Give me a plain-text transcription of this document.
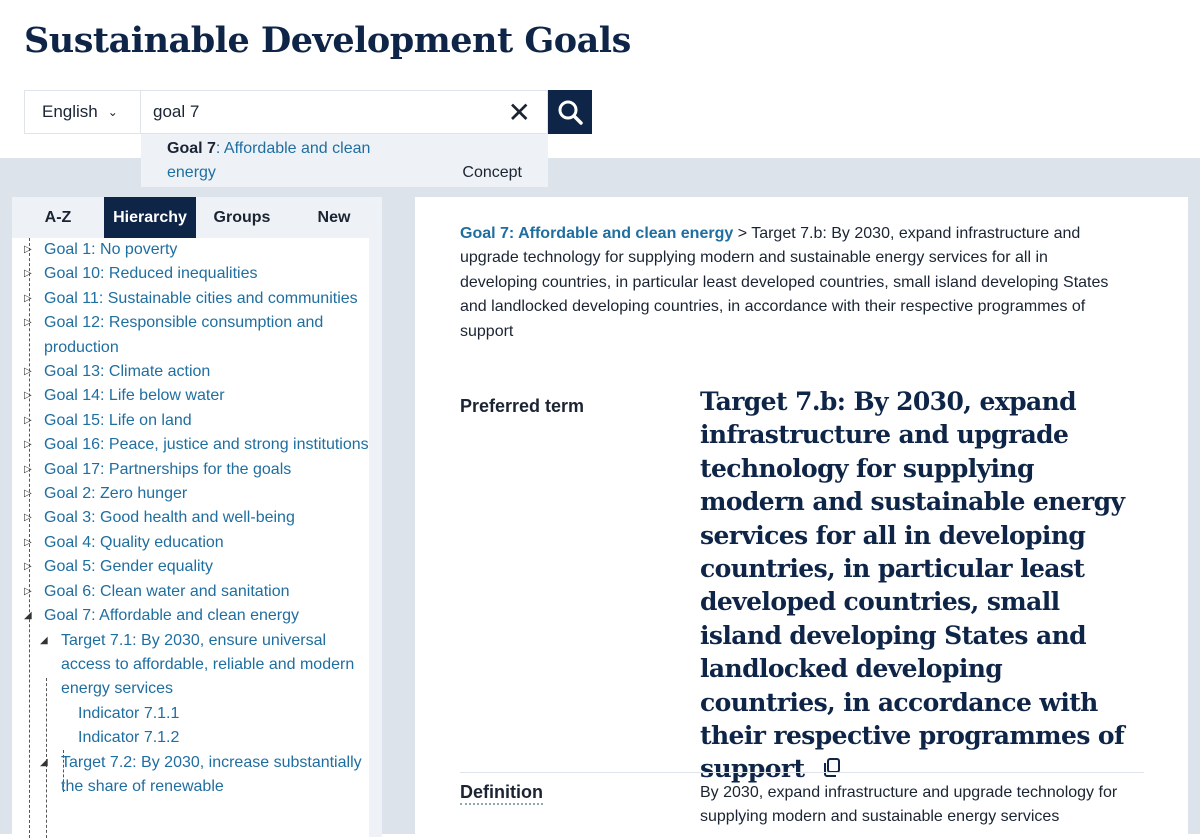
Sustainable Development Goals
English ⌄ goal 7	✕
Goal 7: Affordable and clean energy	Concept
A-Z	Hierarchy	Groups	New
▷ Goal 1: No poverty
▷ Goal 10: Reduced inequalities
▷ Goal 11: Sustainable cities and communities
▷ Goal 12: Responsible consumption and production
▷ Goal 13: Climate action
▷ Goal 14: Life below water
▷ Goal 15: Life on land
▷ Goal 16: Peace, justice and strong institutions
▷ Goal 17: Partnerships for the goals
▷ Goal 2: Zero hunger
▷ Goal 3: Good health and well-being
▷ Goal 4: Quality education
▷ Goal 5: Gender equality
▷ Goal 6: Clean water and sanitation
◢ Goal 7: Affordable and clean energy
◢ Target 7.1: By 2030, ensure universal access to affordable, reliable and modern energy services
Indicator 7.1.1
Indicator 7.1.2
◢ Target 7.2: By 2030, increase substantially the share of renewable
Goal 7: Affordable and clean energy > Target 7.b: By 2030, expand infrastructure and upgrade technology for supplying modern and sustainable energy services for all in developing countries, in particular least developed countries, small island developing States and landlocked developing countries, in accordance with their respective programmes of support
Preferred term	Target 7.b: By 2030, expand infrastructure and upgrade technology for supplying modern and sustainable energy services for all in developing countries, in particular least developed countries, small island developing States and landlocked developing countries, in accordance with their respective programmes of support
Definition	By 2030, expand infrastructure and upgrade technology for supplying modern and sustainable energy services
